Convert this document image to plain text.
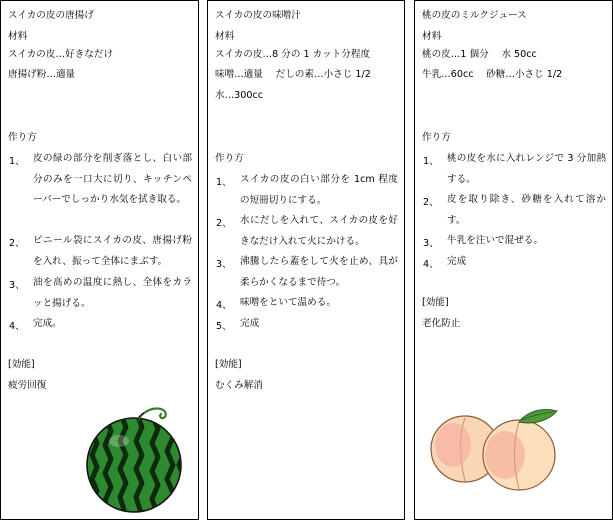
スイカの皮の唐揚げ
材料
スイカの皮…好きなだけ
唐揚げ粉…適量
作り方
1、 皮の緑の部分を削ぎ落とし、白い部分のみを一口大に切り、キッチンペーパーでしっかり水気を拭き取る。
2、 ビニール袋にスイカの皮、唐揚げ粉を入れ、振って全体にまぶす。
3、 油を高めの温度に熱し、全体をカラッと揚げる。
4、 完成。
[効能]
疲労回復
スイカの皮の味噌汁
材料
スイカの皮…8 分の 1 カット分程度
味噌…適量　 だしの素…小さじ 1/2
水…300cc
作り方
1、 スイカの皮の白い部分を 1cm 程度の短冊切りにする。
2、 水にだしを入れて、スイカの皮を好きなだけ入れて火にかける。
3、 沸騰したら蓋をして火を止め、具が柔らかくなるまで待つ。
4、 味噌をといて温める。
5、 完成
[効能]
むくみ解消
桃の皮のミルクジュース
材料
桃の皮…1 個分　 水 50cc
牛乳…60cc　 砂糖…小さじ 1/2
作り方
1、 桃の皮を水に入れレンジで 3 分加熱する。
2、 皮を取り除き、砂糖を入れて溶かす。
3、 牛乳を注いで混ぜる。
4、 完成
[効能]
老化防止
